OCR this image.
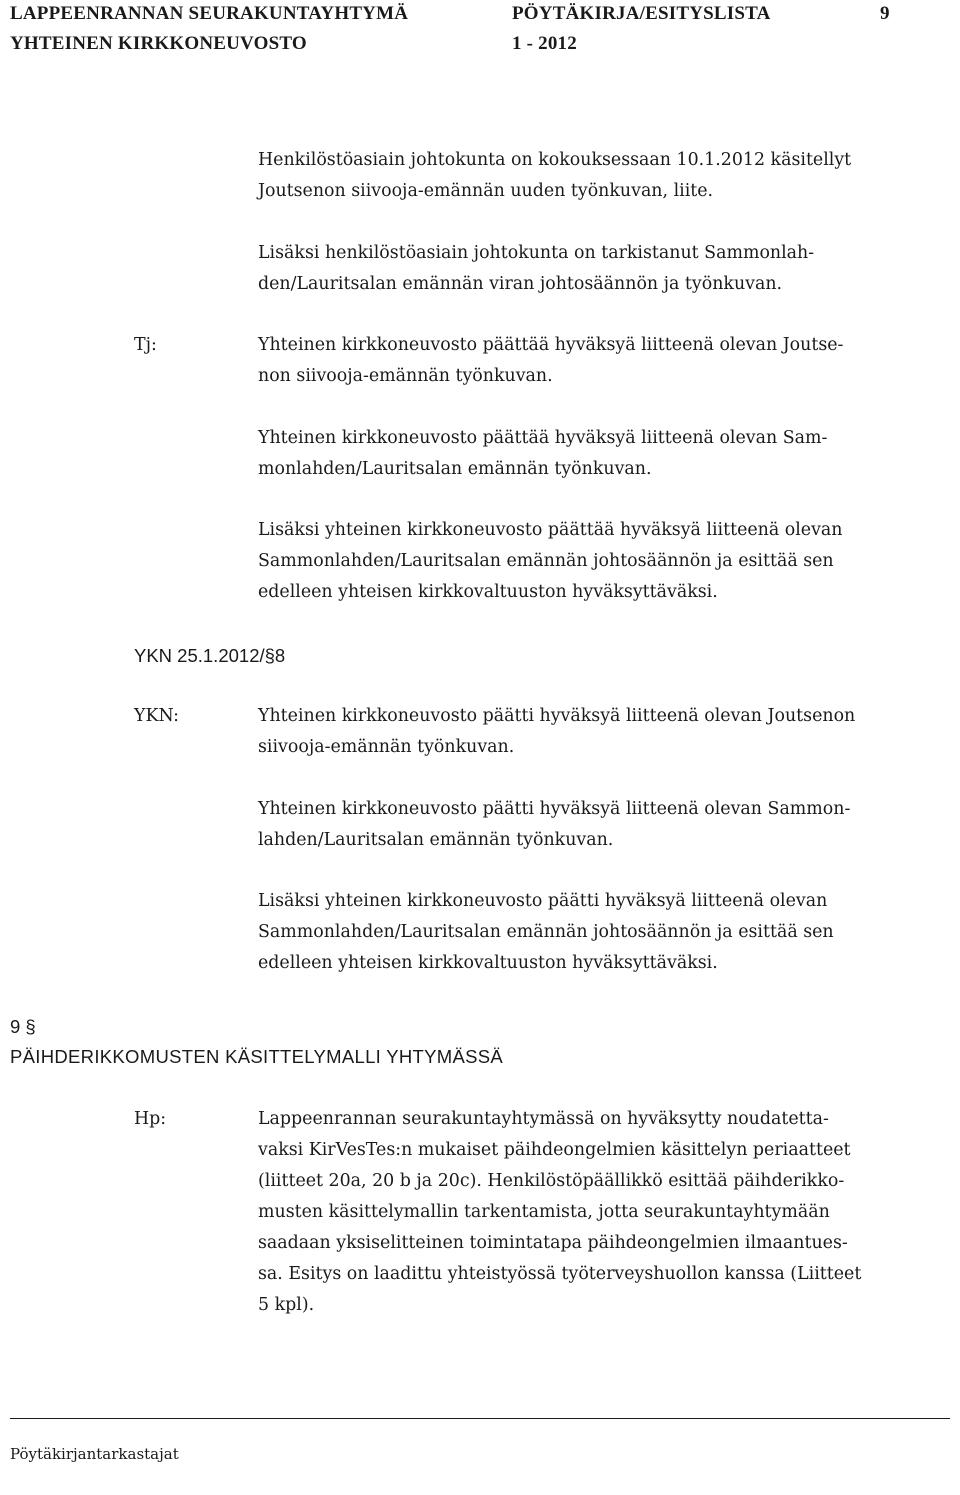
LAPPEENRANNAN SEURAKUNTAYHTYMÄ	PÖYTÄKIRJA/ESITYSLISTA	9
YHTEINEN KIRKKONEUVOSTO	1 - 2012
Henkilöstöasiain johtokunta on kokouksessaan 10.1.2012 käsitellyt
Joutsenon siivooja-emännän uuden työnkuvan, liite.
Lisäksi henkilöstöasiain johtokunta on tarkistanut Sammonlah-
den/Lauritsalan emännän viran johtosäännön ja työnkuvan.
Tj:	Yhteinen kirkkoneuvosto päättää hyväksyä liitteenä olevan Joutse-
non siivooja-emännän työnkuvan.
Yhteinen kirkkoneuvosto päättää hyväksyä liitteenä olevan Sam-
monlahden/Lauritsalan emännän työnkuvan.
Lisäksi yhteinen kirkkoneuvosto päättää hyväksyä liitteenä olevan
Sammonlahden/Lauritsalan emännän johtosäännön ja esittää sen
edelleen yhteisen kirkkovaltuuston hyväksyttäväksi.
YKN 25.1.2012/§8
YKN:	Yhteinen kirkkoneuvosto päätti hyväksyä liitteenä olevan Joutsenon
siivooja-emännän työnkuvan.
Yhteinen kirkkoneuvosto päätti hyväksyä liitteenä olevan Sammon-
lahden/Lauritsalan emännän työnkuvan.
Lisäksi yhteinen kirkkoneuvosto päätti hyväksyä liitteenä olevan
Sammonlahden/Lauritsalan emännän johtosäännön ja esittää sen
edelleen yhteisen kirkkovaltuuston hyväksyttäväksi.
9 §
PÄIHDERIKKOMUSTEN KÄSITTELYMALLI YHTYMÄSSÄ
Hp:	Lappeenrannan seurakuntayhtymässä on hyväksytty noudatetta-
vaksi KirVesTes:n mukaiset päihdeongelmien käsittelyn periaatteet
(liitteet 20a, 20 b ja 20c). Henkilöstöpäällikkö esittää päihderikko-
musten käsittelymallin tarkentamista, jotta seurakuntayhtymään
saadaan yksiselitteinen toimintatapa päihdeongelmien ilmaantues-
sa. Esitys on laadittu yhteistyössä työterveyshuollon kanssa (Liitteet
5 kpl).
Pöytäkirjantarkastajat
